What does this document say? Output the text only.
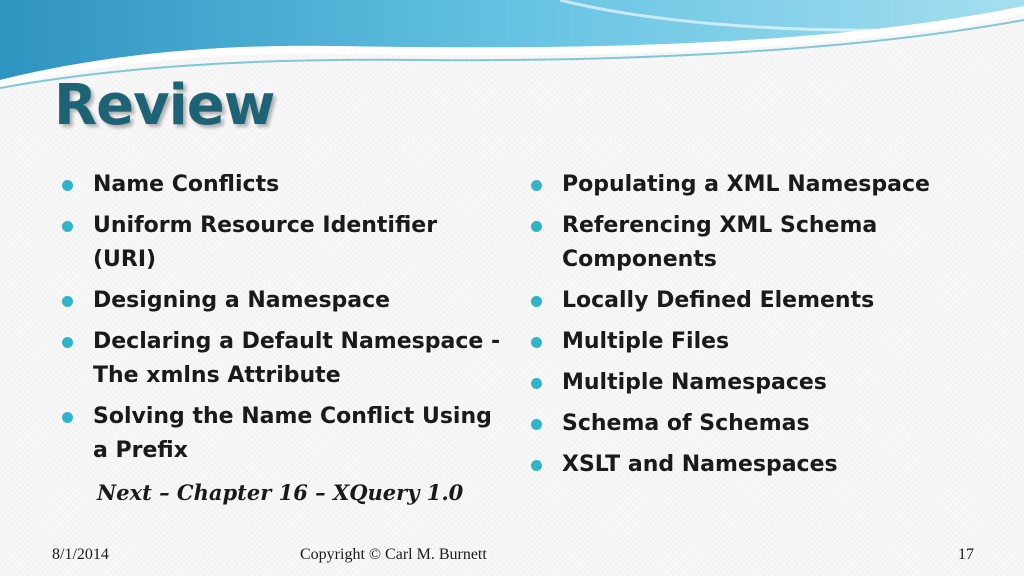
Review
Name Conflicts
Uniform Resource Identifier (URI)
Designing a Namespace
Declaring a Default Namespace - The xmlns Attribute
Solving the Name Conflict Using a Prefix
Populating a XML Namespace
Referencing XML Schema Components
Locally Defined Elements
Multiple Files
Multiple Namespaces
Schema of Schemas
XSLT and Namespaces

Next – Chapter 16 – XQuery 1.0

8/1/2014	Copyright © Carl M. Burnett	17
